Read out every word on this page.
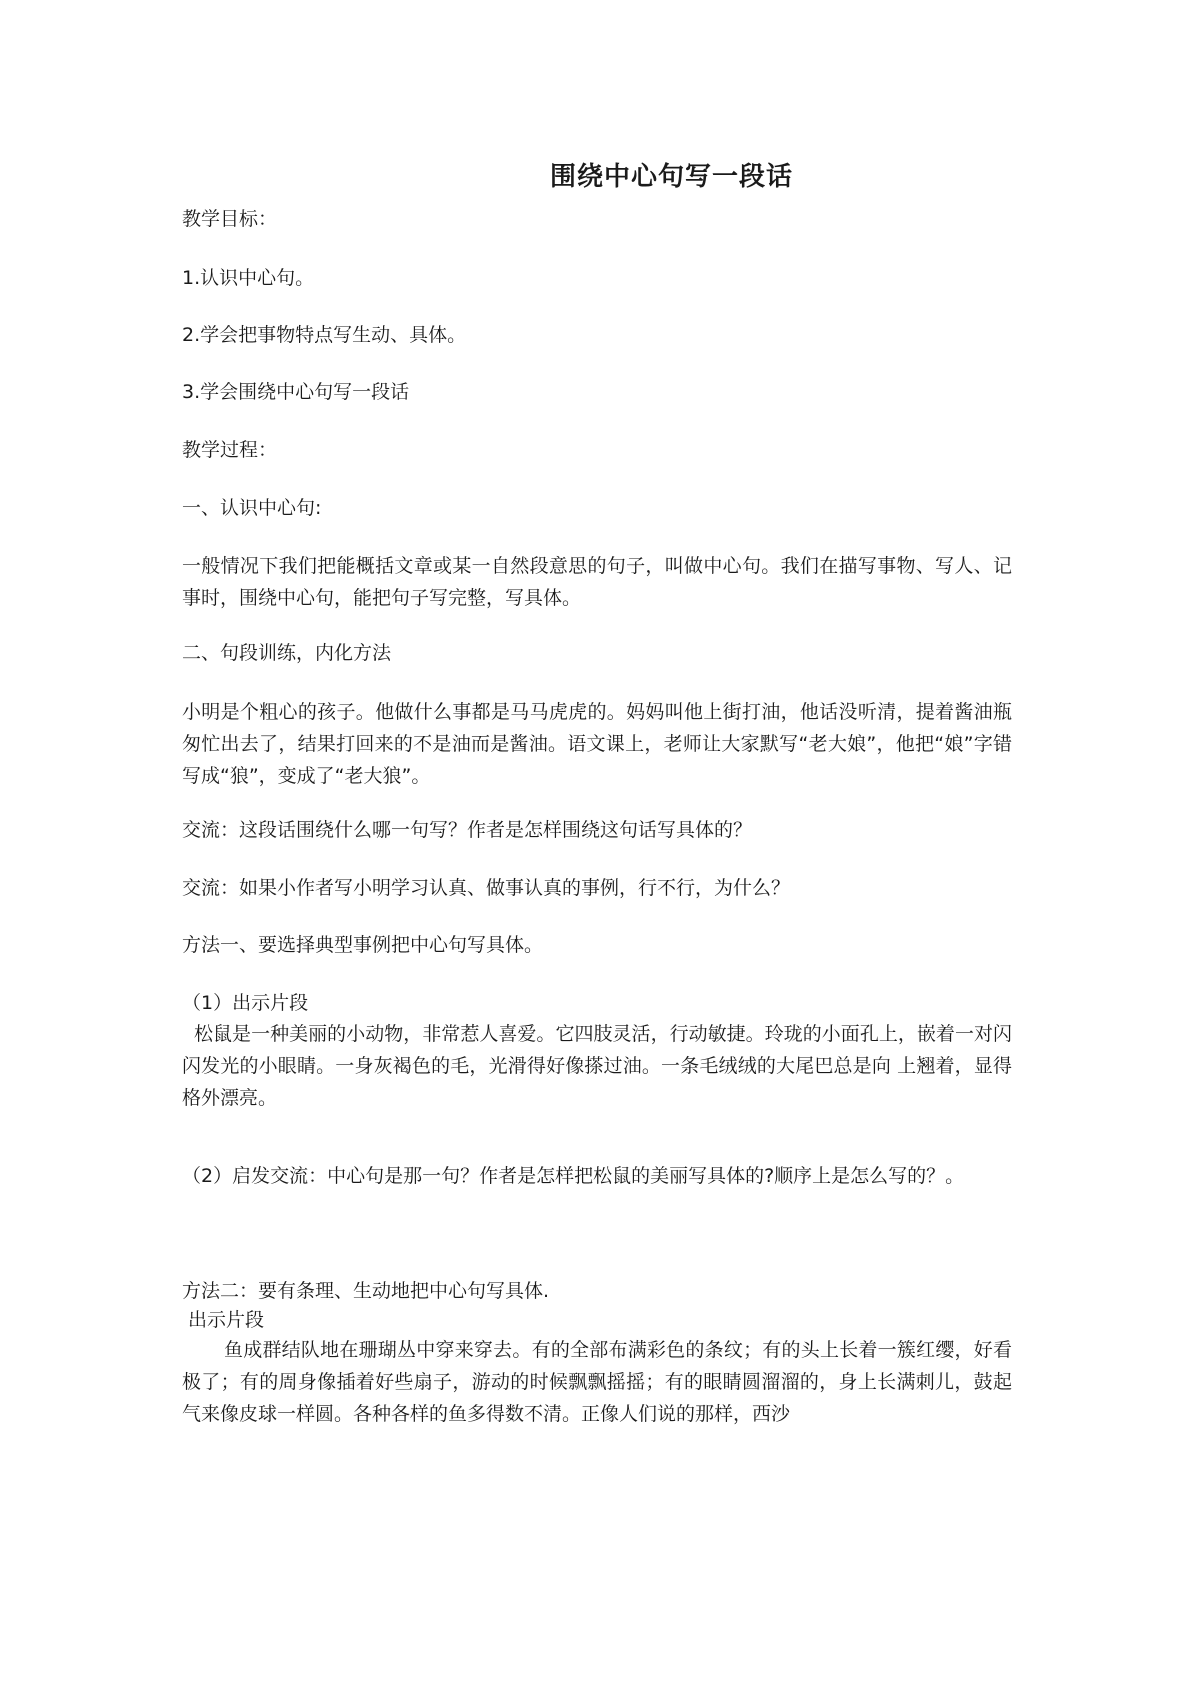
围绕中心句写一段话
教学目标：
1.认识中心句。
2.学会把事物特点写生动、具体。
3.学会围绕中心句写一段话
教学过程：
一、认识中心句:
一般情况下我们把能概括文章或某一自然段意思的句子，叫做中心句。我们在描写事物、写人、记事时，围绕中心句，能把句子写完整，写具体。
二、句段训练，内化方法
小明是个粗心的孩子。他做什么事都是马马虎虎的。妈妈叫他上街打油，他话没听清，提着酱油瓶匆忙出去了，结果打回来的不是油而是酱油。语文课上，老师让大家默写“老大娘”，他把“娘”字错写成“狼”，变成了“老大狼”。
交流：这段话围绕什么哪一句写？作者是怎样围绕这句话写具体的？
交流：如果小作者写小明学习认真、做事认真的事例，行不行，为什么？
方法一、要选择典型事例把中心句写具体。
（1）出示片段
松鼠是一种美丽的小动物，非常惹人喜爱。它四肢灵活，行动敏捷。玲珑的小面孔上，嵌着一对闪 闪发光的小眼睛。一身灰褐色的毛，光滑得好像搽过油。一条毛绒绒的大尾巴总是向 上翘着，显得格外漂亮。
（2）启发交流：中心句是那一句？作者是怎样把松鼠的美丽写具体的?顺序上是怎么写的？。
方法二：要有条理、生动地把中心句写具体.
出示片段
鱼成群结队地在珊瑚丛中穿来穿去。有的全部布满彩色的条纹；有的头上长着一簇红缨，好看极了；有的周身像插着好些扇子，游动的时候飘飘摇摇；有的眼睛圆溜溜的，身上长满刺儿，鼓起气来像皮球一样圆。各种各样的鱼多得数不清。正像人们说的那样，西沙
